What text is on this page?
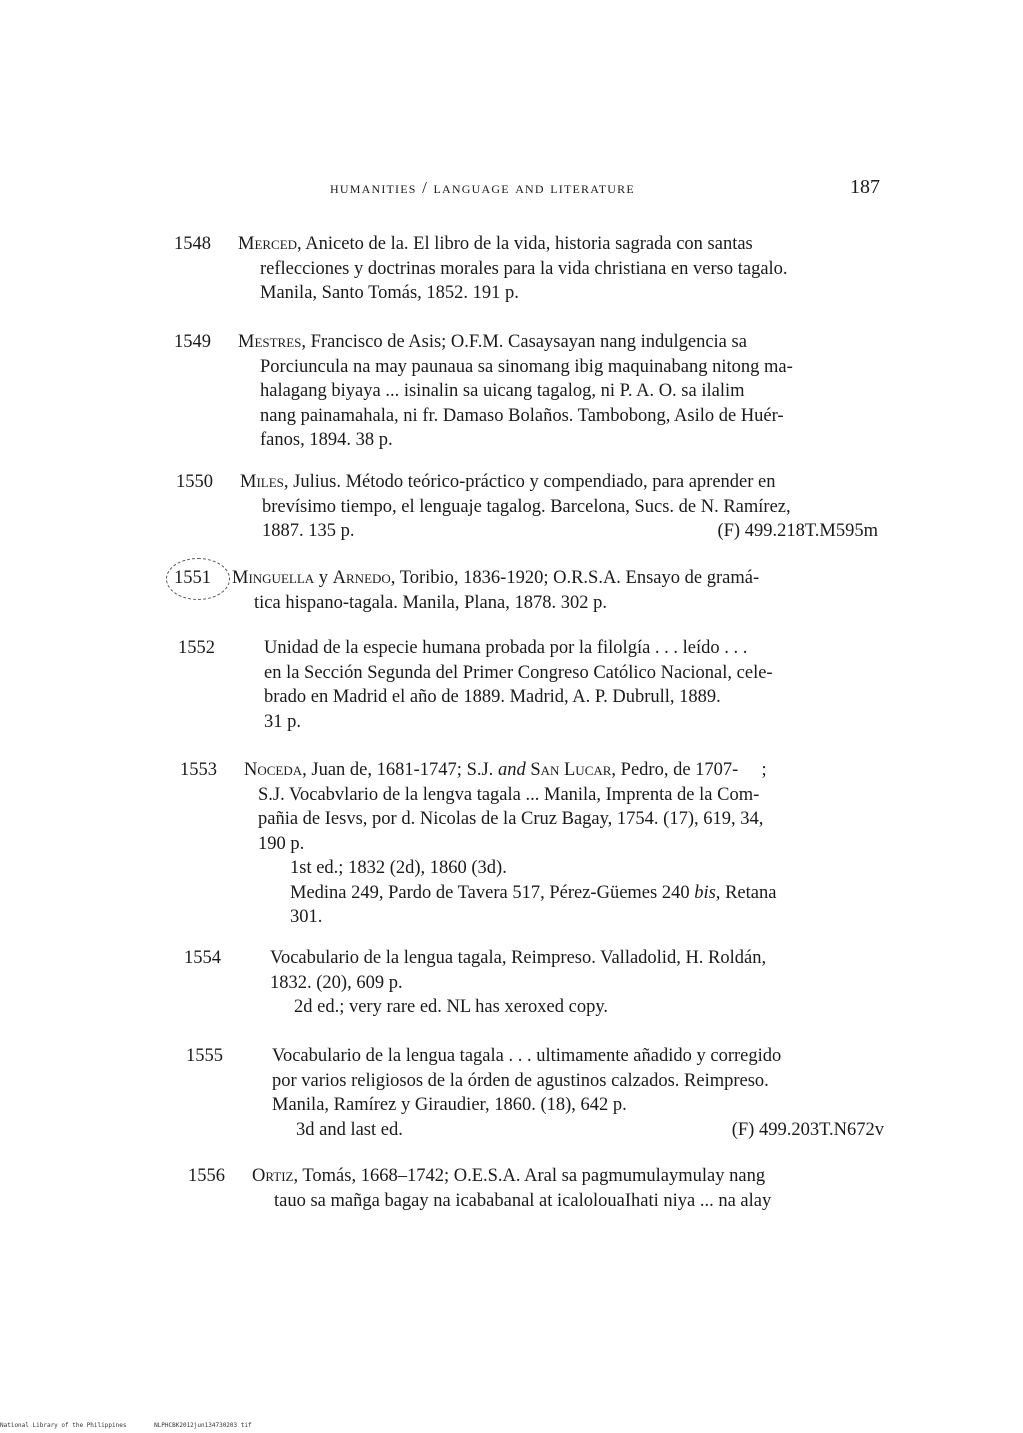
humanities / language and literature	187
1548	Merced, Aniceto de la. El libro de la vida, historia sagrada con santas
reflecciones y doctrinas morales para la vida christiana en verso tagalo.
Manila, Santo Tomás, 1852. 191 p.
1549	Mestres, Francisco de Asis; O.F.M. Casaysayan nang indulgencia sa
Porciuncula na may paunaua sa sinomang ibig maquinabang nitong ma-
halagang biyaya ... isinalin sa uicang tagalog, ni P. A. O. sa ilalim
nang painamahala, ni fr. Damaso Bolaños. Tambobong, Asilo de Huér-
fanos, 1894. 38 p.
1550	Miles, Julius. Método teórico-práctico y compendiado, para aprender en
brevísimo tiempo, el lenguaje tagalog. Barcelona, Sucs. de N. Ramírez,
1887. 135 p.	(F) 499.218T.M595m
1551	Minguella y Arnedo, Toribio, 1836-1920; O.R.S.A. Ensayo de gramá-
tica hispano-tagala. Manila, Plana, 1878. 302 p.
1552	Unidad de la especie humana probada por la filolgía . . . leído . . .
en la Sección Segunda del Primer Congreso Católico Nacional, cele-
brado en Madrid el año de 1889. Madrid, A. P. Dubrull, 1889.
31 p.
1553	Noceda, Juan de, 1681-1747; S.J. and San Lucar, Pedro, de 1707-     ;
S.J. Vocabvlario de la lengva tagala ... Manila, Imprenta de la Com-
pañia de Iesvs, por d. Nicolas de la Cruz Bagay, 1754. (17), 619, 34,
190 p.
1st ed.; 1832 (2d), 1860 (3d).
Medina 249, Pardo de Tavera 517, Pérez-Güemes 240 bis, Retana
301.
1554	Vocabulario de la lengua tagala, Reimpreso. Valladolid, H. Roldán,
1832. (20), 609 p.
2d ed.; very rare ed. NL has xeroxed copy.
1555	Vocabulario de la lengua tagala . . . ultimamente añadido y corregido
por varios religiosos de la órden de agustinos calzados. Reimpreso.
Manila, Ramírez y Giraudier, 1860. (18), 642 p.
3d and last ed.	(F) 499.203T.N672v
1556	Ortiz, Tomás, 1668–1742; O.E.S.A. Aral sa pagmumulaymulay nang
tauo sa mañga bagay na icababanal at icalolouaIhati niya ... na alay
National Library of the Philippines	NLPHCBK2012jun134730203 tif
